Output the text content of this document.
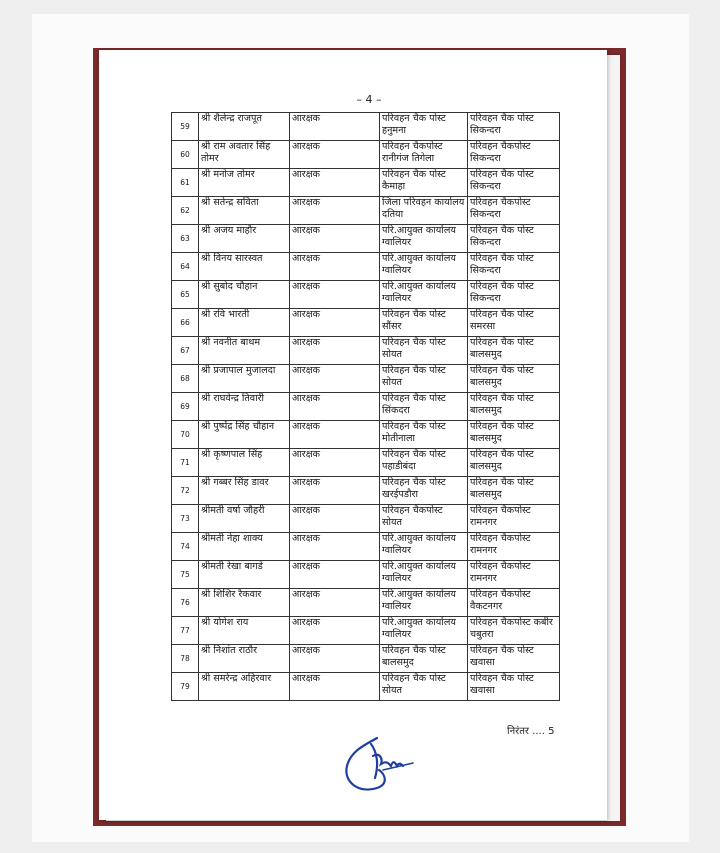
– 4 –
59	श्री शैलेन्द्र राजपूत	आरक्षक	परिवहन चैक पोस्ट हनुमना	परिवहन चैक पोस्ट सिकन्दरा
60	श्री राम अवतार सिंह तोमर	आरक्षक	परिवहन चैकपोस्ट रानीगंज तिगेला	परिवहन चैकपोस्ट सिकन्दरा
61	श्री मनोज तोमर	आरक्षक	परिवहन चैक पोस्ट कैमाहा	परिवहन चैक पोस्ट सिकन्दरा
62	श्री सतेन्द्र सविता	आरक्षक	जिला परिवहन कार्यालय दतिया	परिवहन चैकपोस्ट सिकन्दरा
63	श्री अजय माहौर	आरक्षक	परि.आयुक्त कार्यालय ग्वालियर	परिवहन चैक पोस्ट सिकन्दरा
64	श्री विनय सारस्वत	आरक्षक	परि.आयुक्त कार्यालय ग्वालियर	परिवहन चैक पोस्ट सिकन्दरा
65	श्री सुबोद चौहान	आरक्षक	परि.आयुक्त कार्यालय ग्वालियर	परिवहन चैक पोस्ट सिकन्दरा
66	श्री रवि भारती	आरक्षक	परिवहन चैक पोस्ट सौंसर	परिवहन चैक पोस्ट समरसा
67	श्री नवनीत बाथम	आरक्षक	परिवहन चैक पोस्ट सोयत	परिवहन चैक पोस्ट बालसमुद
68	श्री प्रजापाल मुजालदा	आरक्षक	परिवहन चैक पोस्ट सोयत	परिवहन चैक पोस्ट बालसमुद
69	श्री राघवेन्द्र तिवारी	आरक्षक	परिवहन चैक पोस्ट सिंकदरा	परिवहन चैक पोस्ट बालसमुद
70	श्री पुष्पेंद्र सिंह चौहान	आरक्षक	परिवहन चैक पोस्ट मोतीनाला	परिवहन चैक पोस्ट बालसमुद
71	श्री कृष्णपाल सिंह	आरक्षक	परिवहन चैक पोस्ट पहाडीबंदा	परिवहन चैक पोस्ट बालसमुद
72	श्री गब्बर सिंह डावर	आरक्षक	परिवहन चैक पोस्ट खरईपडौरा	परिवहन चैक पोस्ट बालसमुद
73	श्रीमती वर्षा जौहरी	आरक्षक	परिवहन चैकपोस्ट सोयत	परिवहन चैकपोस्ट रामनगर
74	श्रीमती नेहा शाक्य	आरक्षक	परि.आयुक्त कार्यालय ग्वालियर	परिवहन चैकपोस्ट रामनगर
75	श्रीमती रेखा बागडे	आरक्षक	परि.आयुक्त कार्यालय ग्वालियर	परिवहन चैकपोस्ट रामनगर
76	श्री शिशिर रैकवार	आरक्षक	परि.आयुक्त कार्यालय ग्वालियर	परिवहन चैकपोस्ट वैकटनगर
77	श्री योगेश राय	आरक्षक	परि.आयुक्त कार्यालय ग्वालियर	परिवहन चैकपोस्ट कबीर चबुतरा
78	श्री निशांत राठौर	आरक्षक	परिवहन चैक पोस्ट बालसमुद	परिवहन चैक पोस्ट खवासा
79	श्री समरेन्द्र अहिरवार	आरक्षक	परिवहन चैक पोस्ट सोयत	परिवहन चैक पोस्ट खवासा
निरंतर .... 5
